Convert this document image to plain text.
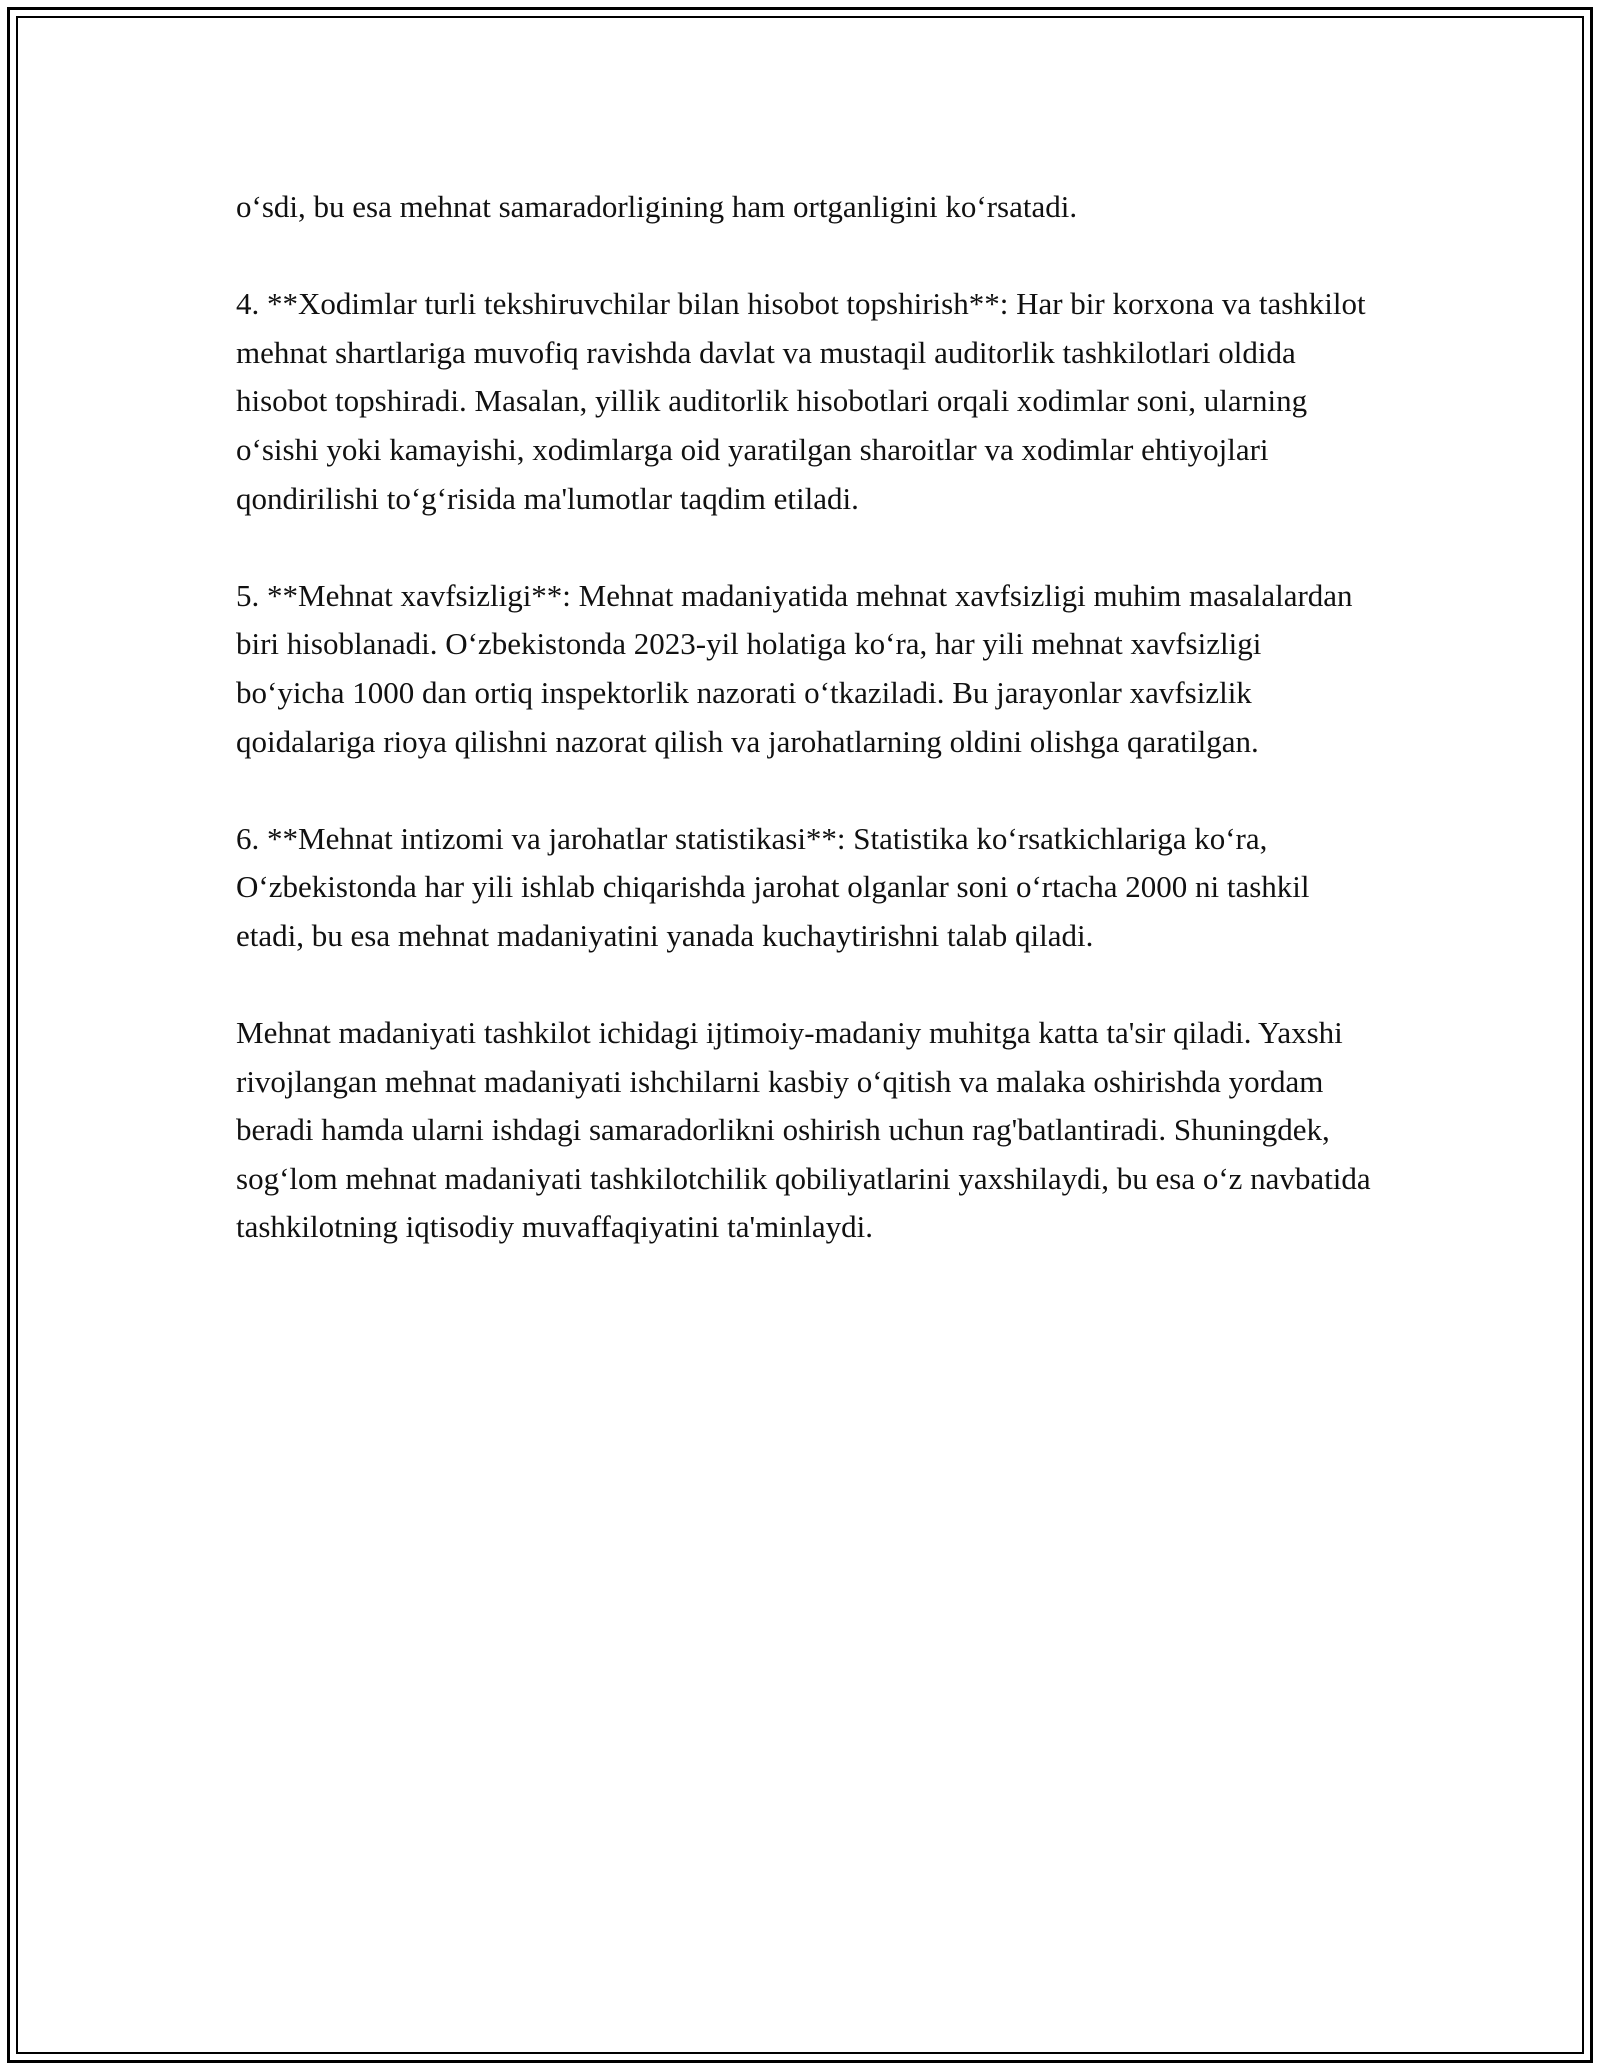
o‘sdi, bu esa mehnat samaradorligining ham ortganligini ko‘rsatadi.

4. **Xodimlar turli tekshiruvchilar bilan hisobot topshirish**: Har bir korxona va tashkilot mehnat shartlariga muvofiq ravishda davlat va mustaqil auditorlik tashkilotlari oldida hisobot topshiradi. Masalan, yillik auditorlik hisobotlari orqali xodimlar soni, ularning o‘sishi yoki kamayishi, xodimlarga oid yaratilgan sharoitlar va xodimlar ehtiyojlari qondirilishi to‘g‘risida ma'lumotlar taqdim etiladi.

5. **Mehnat xavfsizligi**: Mehnat madaniyatida mehnat xavfsizligi muhim masalalardan biri hisoblanadi. O‘zbekistonda 2023-yil holatiga ko‘ra, har yili mehnat xavfsizligi bo‘yicha 1000 dan ortiq inspektorlik nazorati o‘tkaziladi. Bu jarayonlar xavfsizlik qoidalariga rioya qilishni nazorat qilish va jarohatlarning oldini olishga qaratilgan.

6. **Mehnat intizomi va jarohatlar statistikasi**: Statistika ko‘rsatkichlariga ko‘ra, O‘zbekistonda har yili ishlab chiqarishda jarohat olganlar soni o‘rtacha 2000 ni tashkil etadi, bu esa mehnat madaniyatini yanada kuchaytirishni talab qiladi.

Mehnat madaniyati tashkilot ichidagi ijtimoiy-madaniy muhitga katta ta'sir qiladi. Yaxshi rivojlangan mehnat madaniyati ishchilarni kasbiy o‘qitish va malaka oshirishda yordam beradi hamda ularni ishdagi samaradorlikni oshirish uchun rag'batlantiradi. Shuningdek, sog‘lom mehnat madaniyati tashkilotchilik qobiliyatlarini yaxshilaydi, bu esa o‘z navbatida tashkilotning iqtisodiy muvaffaqiyatini ta'minlaydi.
